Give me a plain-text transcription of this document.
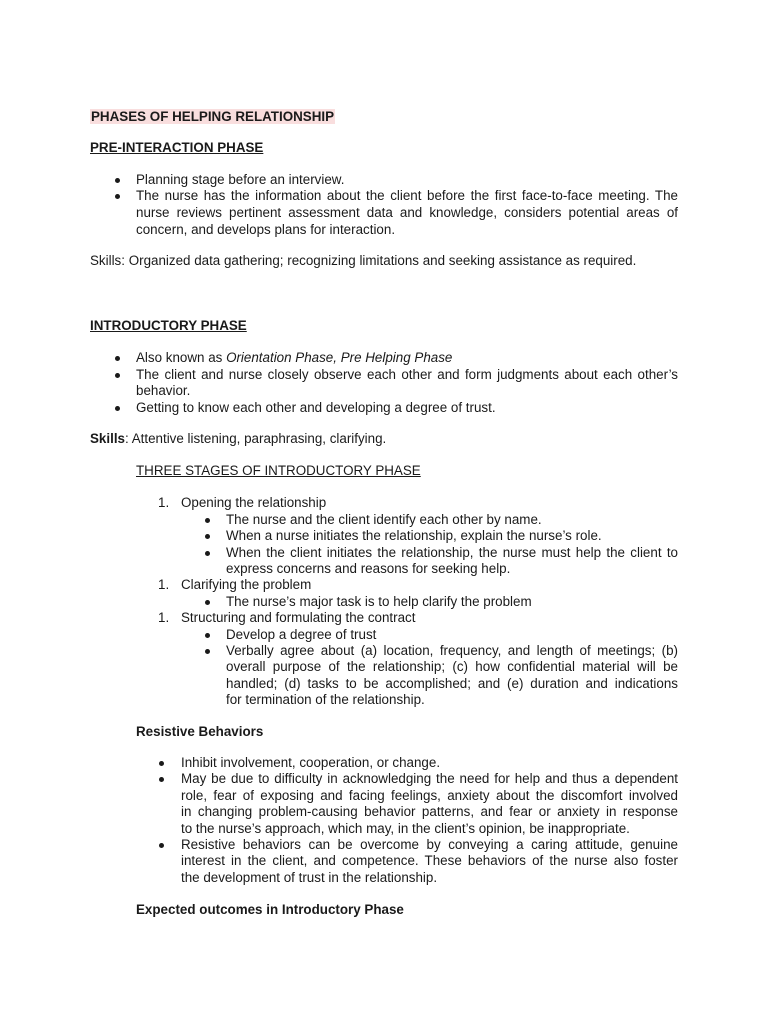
PHASES OF HELPING RELATIONSHIP
PRE-INTERACTION PHASE
Planning stage before an interview.
The nurse has the information about the client before the first face-to-face meeting. The
nurse reviews pertinent assessment data and knowledge, considers potential areas of
concern, and develops plans for interaction.
Skills: Organized data gathering; recognizing limitations and seeking assistance as required.
INTRODUCTORY PHASE
Also known as Orientation Phase, Pre Helping Phase
The client and nurse closely observe each other and form judgments about each other’s
behavior.
Getting to know each other and developing a degree of trust.
Skills: Attentive listening, paraphrasing, clarifying.
THREE STAGES OF INTRODUCTORY PHASE
1. Opening the relationship
The nurse and the client identify each other by name.
When a nurse initiates the relationship, explain the nurse’s role.
When the client initiates the relationship, the nurse must help the client to
express concerns and reasons for seeking help.
1. Clarifying the problem
The nurse’s major task is to help clarify the problem
1. Structuring and formulating the contract
Develop a degree of trust
Verbally agree about (a) location, frequency, and length of meetings; (b)
overall purpose of the relationship; (c) how confidential material will be
handled; (d) tasks to be accomplished; and (e) duration and indications
for termination of the relationship.
Resistive Behaviors
Inhibit involvement, cooperation, or change.
May be due to difficulty in acknowledging the need for help and thus a dependent
role, fear of exposing and facing feelings, anxiety about the discomfort involved
in changing problem-causing behavior patterns, and fear or anxiety in response
to the nurse’s approach, which may, in the client’s opinion, be inappropriate.
Resistive behaviors can be overcome by conveying a caring attitude, genuine
interest in the client, and competence. These behaviors of the nurse also foster
the development of trust in the relationship.
Expected outcomes in Introductory Phase
